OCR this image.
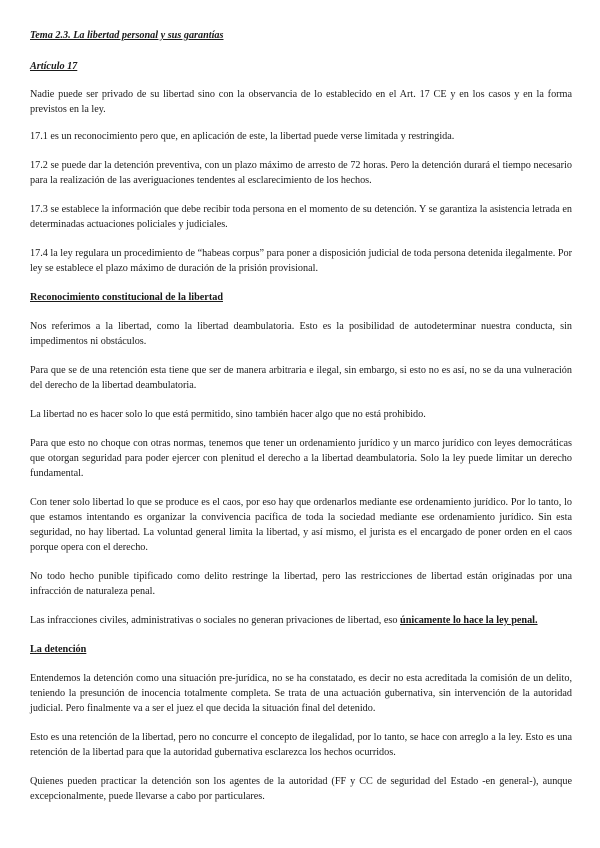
Tema 2.3. La libertad personal y sus garantías
Artículo 17

Nadie puede ser privado de su libertad sino con la observancia de lo establecido en el Art. 17 CE y en los casos y en la forma previstos en la ley.

17.1 es un reconocimiento pero que, en aplicación de este, la libertad puede verse limitada y restringida.

17.2 se puede dar la detención preventiva, con un plazo máximo de arresto de 72 horas. Pero la detención durará el tiempo necesario para la realización de las averiguaciones tendentes al esclarecimiento de los hechos.

17.3 se establece la información que debe recibir toda persona en el momento de su detención. Y se garantiza la asistencia letrada en determinadas actuaciones policiales y judiciales.

17.4 la ley regulara un procedimiento de “habeas corpus” para poner a disposición judicial de toda persona detenida ilegalmente. Por ley se establece el plazo máximo de duración de la prisión provisional.

Reconocimiento constitucional de la libertad

Nos referimos a la libertad, como la libertad deambulatoria. Esto es la posibilidad de autodeterminar nuestra conducta, sin impedimentos ni obstáculos.

Para que se de una retención esta tiene que ser de manera arbitraria e ilegal, sin embargo, si esto no es así, no se da una vulneración del derecho de la libertad deambulatoria.

La libertad no es hacer solo lo que está permitido, sino también hacer algo que no está prohibido.

Para que esto no choque con otras normas, tenemos que tener un ordenamiento jurídico y un marco jurídico con leyes democráticas que otorgan seguridad para poder ejercer con plenitud el derecho a la libertad deambulatoria. Solo la ley puede limitar un derecho fundamental.

Con tener solo libertad lo que se produce es el caos, por eso hay que ordenarlos mediante ese ordenamiento jurídico. Por lo tanto, lo que estamos intentando es organizar la convivencia pacífica de toda la sociedad mediante ese ordenamiento jurídico. Sin esta seguridad, no hay libertad. La voluntad general limita la libertad, y así mismo, el jurista es el encargado de poner orden en el caos porque opera con el derecho.

No todo hecho punible tipificado como delito restringe la libertad, pero las restricciones de libertad están originadas por una infracción de naturaleza penal.

Las infracciones civiles, administrativas o sociales no generan privaciones de libertad, eso únicamente lo hace la ley penal.

La detención

Entendemos la detención como una situación pre-jurídica, no se ha constatado, es decir no esta acreditada la comisión de un delito, teniendo la presunción de inocencia totalmente completa. Se trata de una actuación gubernativa, sin intervención de la autoridad judicial. Pero finalmente va a ser el juez el que decida la situación final del detenido.

Esto es una retención de la libertad, pero no concurre el concepto de ilegalidad, por lo tanto, se hace con arreglo a la ley. Esto es una retención de la libertad para que la autoridad gubernativa esclarezca los hechos ocurridos.

Quienes pueden practicar la detención son los agentes de la autoridad (FF y CC de seguridad del Estado -en general-), aunque excepcionalmente, puede llevarse a cabo por particulares.
